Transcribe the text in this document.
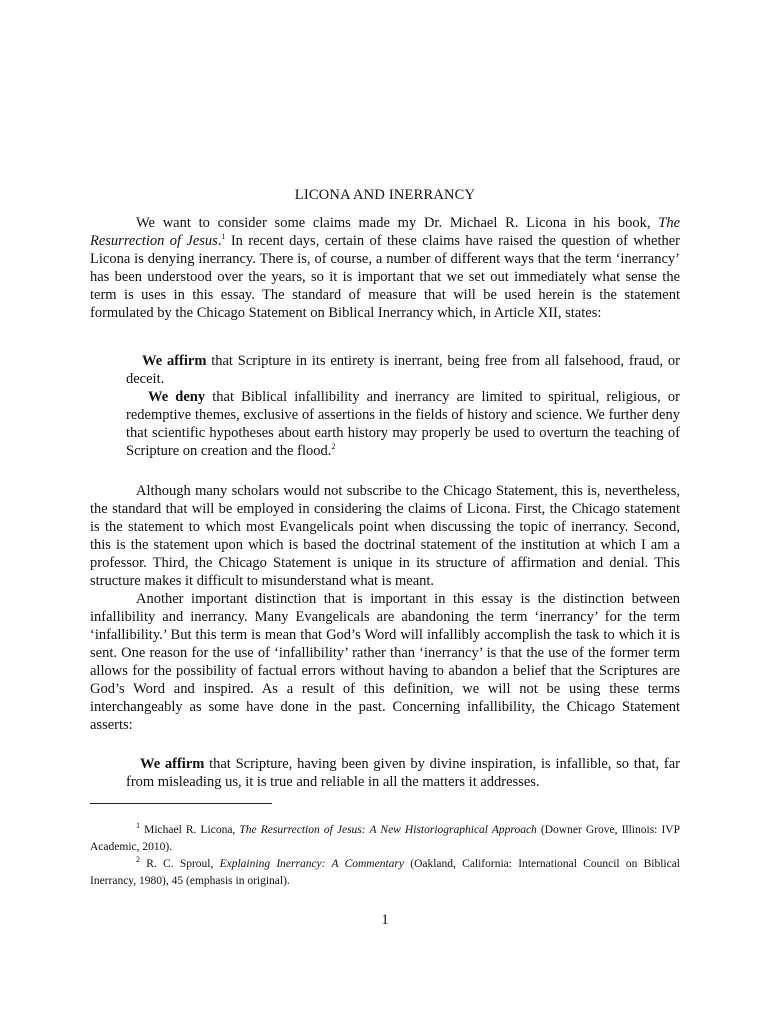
LICONA AND INERRANCY

We want to consider some claims made my Dr. Michael R. Licona in his book, The Resurrection of Jesus.$^1$ In recent days, certain of these claims have raised the question of whether Licona is denying inerrancy. There is, of course, a number of different ways that the term ‘inerrancy’ has been understood over the years, so it is important that we set out immediately what sense the term is uses in this essay. The standard of measure that will be used herein is the statement formulated by the Chicago Statement on Biblical Inerrancy which, in Article XII, states:

We affirm that Scripture in its entirety is inerrant, being free from all falsehood, fraud, or deceit.

We deny that Biblical infallibility and inerrancy are limited to spiritual, religious, or redemptive themes, exclusive of assertions in the fields of history and science. We further deny that scientific hypotheses about earth history may properly be used to overturn the teaching of Scripture on creation and the flood.$^2$

Although many scholars would not subscribe to the Chicago Statement, this is, nevertheless, the standard that will be employed in considering the claims of Licona. First, the Chicago statement is the statement to which most Evangelicals point when discussing the topic of inerrancy. Second, this is the statement upon which is based the doctrinal statement of the institution at which I am a professor. Third, the Chicago Statement is unique in its structure of affirmation and denial. This structure makes it difficult to misunderstand what is meant.

Another important distinction that is important in this essay is the distinction between infallibility and inerrancy. Many Evangelicals are abandoning the term ‘inerrancy’ for the term ‘infallibility.’ But this term is mean that God’s Word will infallibly accomplish the task to which it is sent. One reason for the use of ‘infallibility’ rather than ‘inerrancy’ is that the use of the former term allows for the possibility of factual errors without having to abandon a belief that the Scriptures are God’s Word and inspired. As a result of this definition, we will not be using these terms interchangeably as some have done in the past. Concerning infallibility, the Chicago Statement asserts:

We affirm that Scripture, having been given by divine inspiration, is infallible, so that, far from misleading us, it is true and reliable in all the matters it addresses.

$^1$ Michael R. Licona, The Resurrection of Jesus: A New Historiographical Approach (Downer Grove, Illinois: IVP Academic, 2010).

$^2$ R. C. Sproul, Explaining Inerrancy: A Commentary (Oakland, California: International Council on Biblical Inerrancy, 1980), 45 (emphasis in original).

1
